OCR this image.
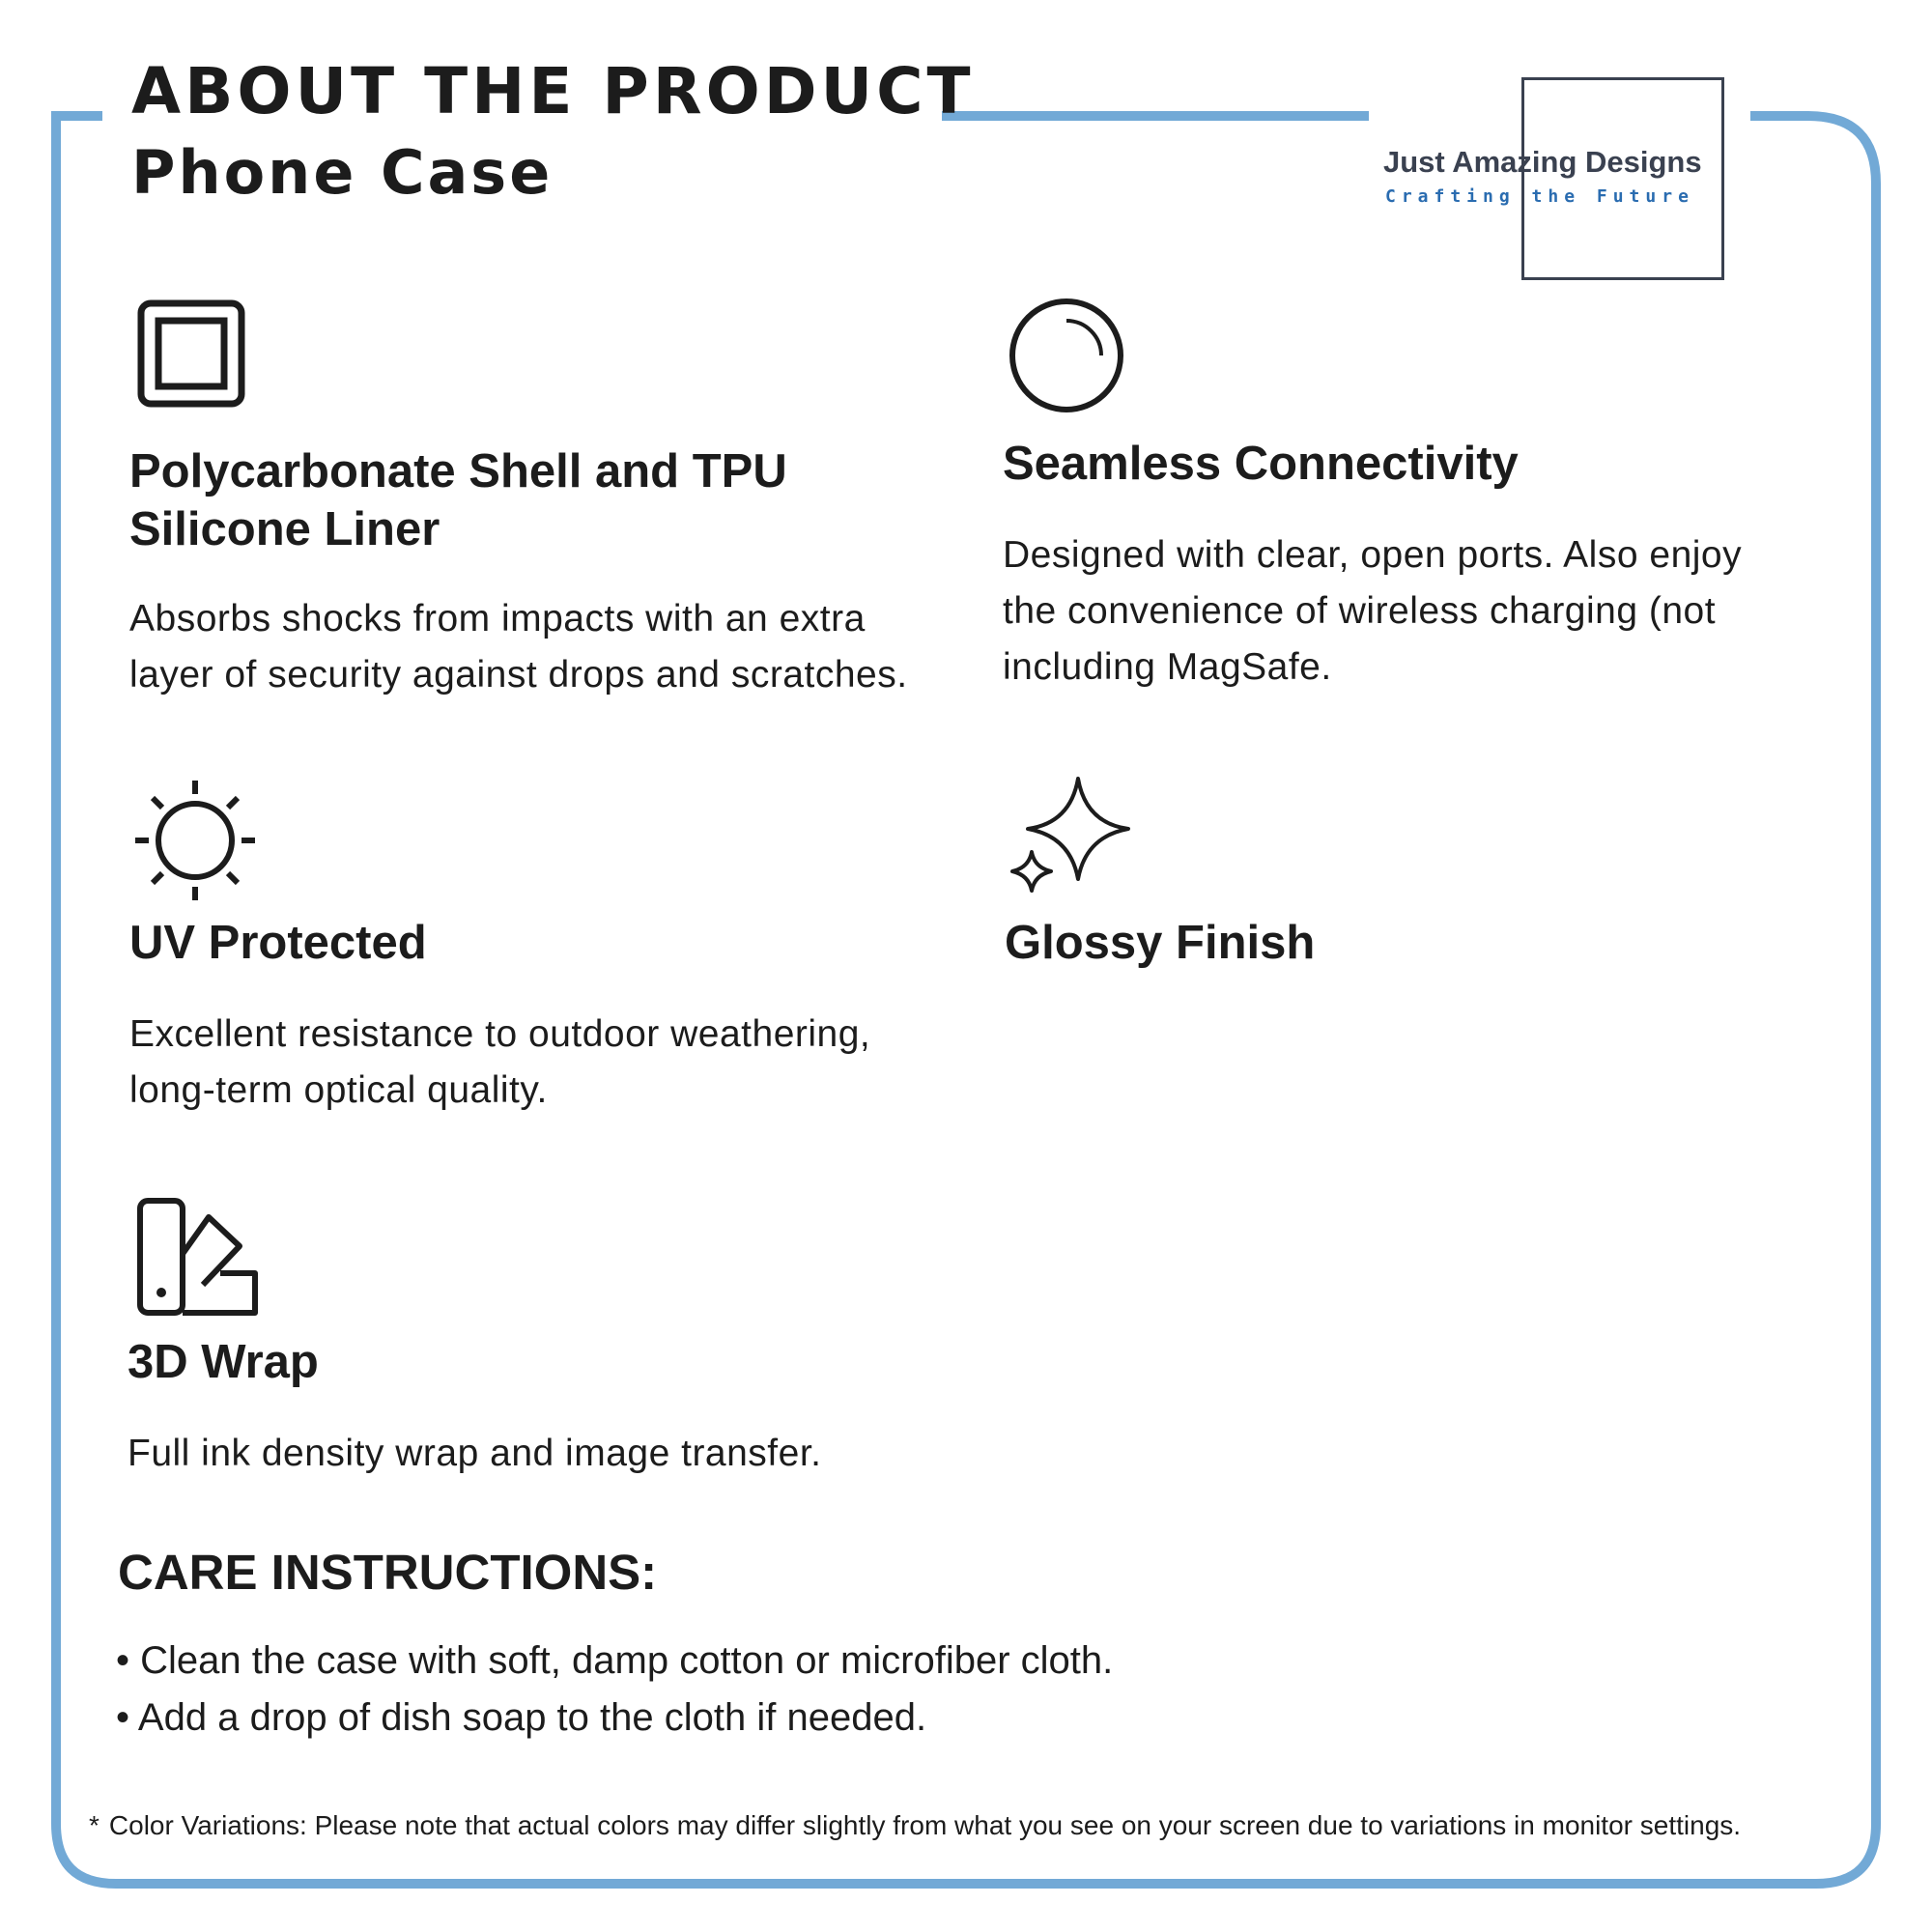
ABOUT THE PRODUCT
Phone Case	Just Amazing Designs
Crafting the Future
Polycarbonate Shell and TPU Silicone Liner

Absorbs shocks from impacts with an extra layer of security against drops and scratches.

Seamless Connectivity

Designed with clear, open ports. Also enjoy the convenience of wireless charging (not including MagSafe.

UV Protected

Excellent resistance to outdoor weathering, long-term optical quality.

Glossy Finish
3D Wrap

Full ink density wrap and image transfer.

CARE INSTRUCTIONS:
• Clean the case with soft, damp cotton or microfiber cloth.
• Add a drop of dish soap to the cloth if needed.
* Color Variations: Please note that actual colors may differ slightly from what you see on your screen due to variations in monitor settings.
